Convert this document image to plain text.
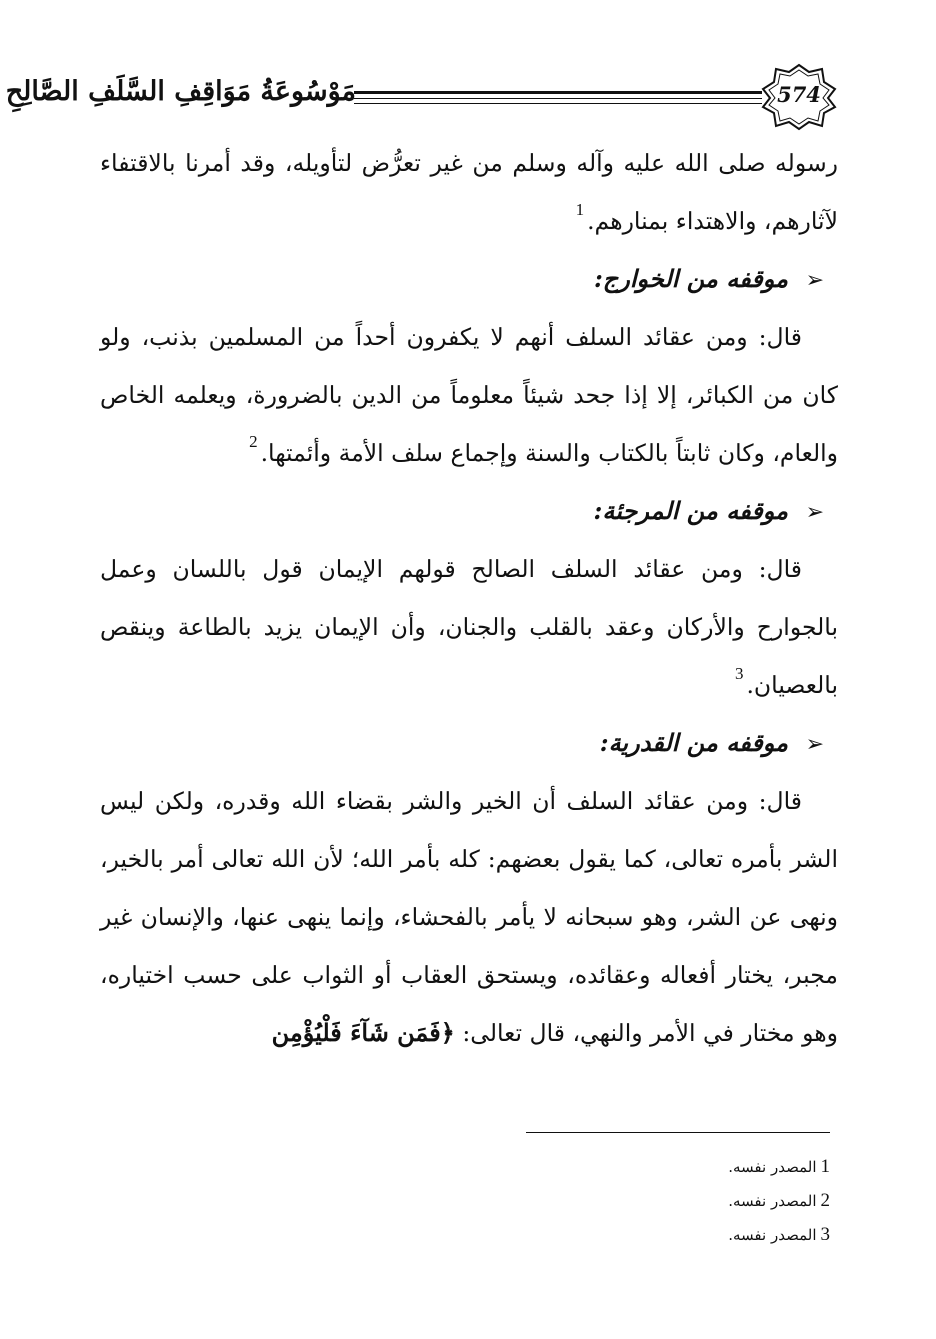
مَوْسُوعَةُ مَوَاقِفِ السَّلَفِ الصَّالِحِ	574

رسوله صلى الله عليه وآله وسلم من غير تعرُّض لتأويله، وقد أمرنا بالاقتفاء لآثارهم، والاهتداء بمنارهم.$^1$

➢موقفه من الخوارج:

قال: ومن عقائد السلف أنهم لا يكفرون أحداً من المسلمين بذنب، ولو كان من الكبائر، إلا إذا جحد شيئاً معلوماً من الدين بالضرورة، ويعلمه الخاص والعام، وكان ثابتاً بالكتاب والسنة وإجماع سلف الأمة وأئمتها.$^2$

➢موقفه من المرجئة:

قال: ومن عقائد السلف الصالح قولهم الإيمان قول باللسان وعمل بالجوارح والأركان وعقد بالقلب والجنان، وأن الإيمان يزيد بالطاعة وينقص بالعصيان.$^3$

➢موقفه من القدرية:

قال: ومن عقائد السلف أن الخير والشر بقضاء الله وقدره، ولكن ليس الشر بأمره تعالى، كما يقول بعضهم: كله بأمر الله؛ لأن الله تعالى أمر بالخير، ونهى عن الشر، وهو سبحانه لا يأمر بالفحشاء، وإنما ينهى عنها، والإنسان غير مجبر، يختار أفعاله وعقائده، ويستحق العقاب أو الثواب على حسب اختياره، وهو مختار في الأمر والنهي، قال تعالى: ﴿فَمَن شَآءَ فَلْيُؤْمِن

1المصدر نفسه.

2المصدر نفسه.

3المصدر نفسه.
